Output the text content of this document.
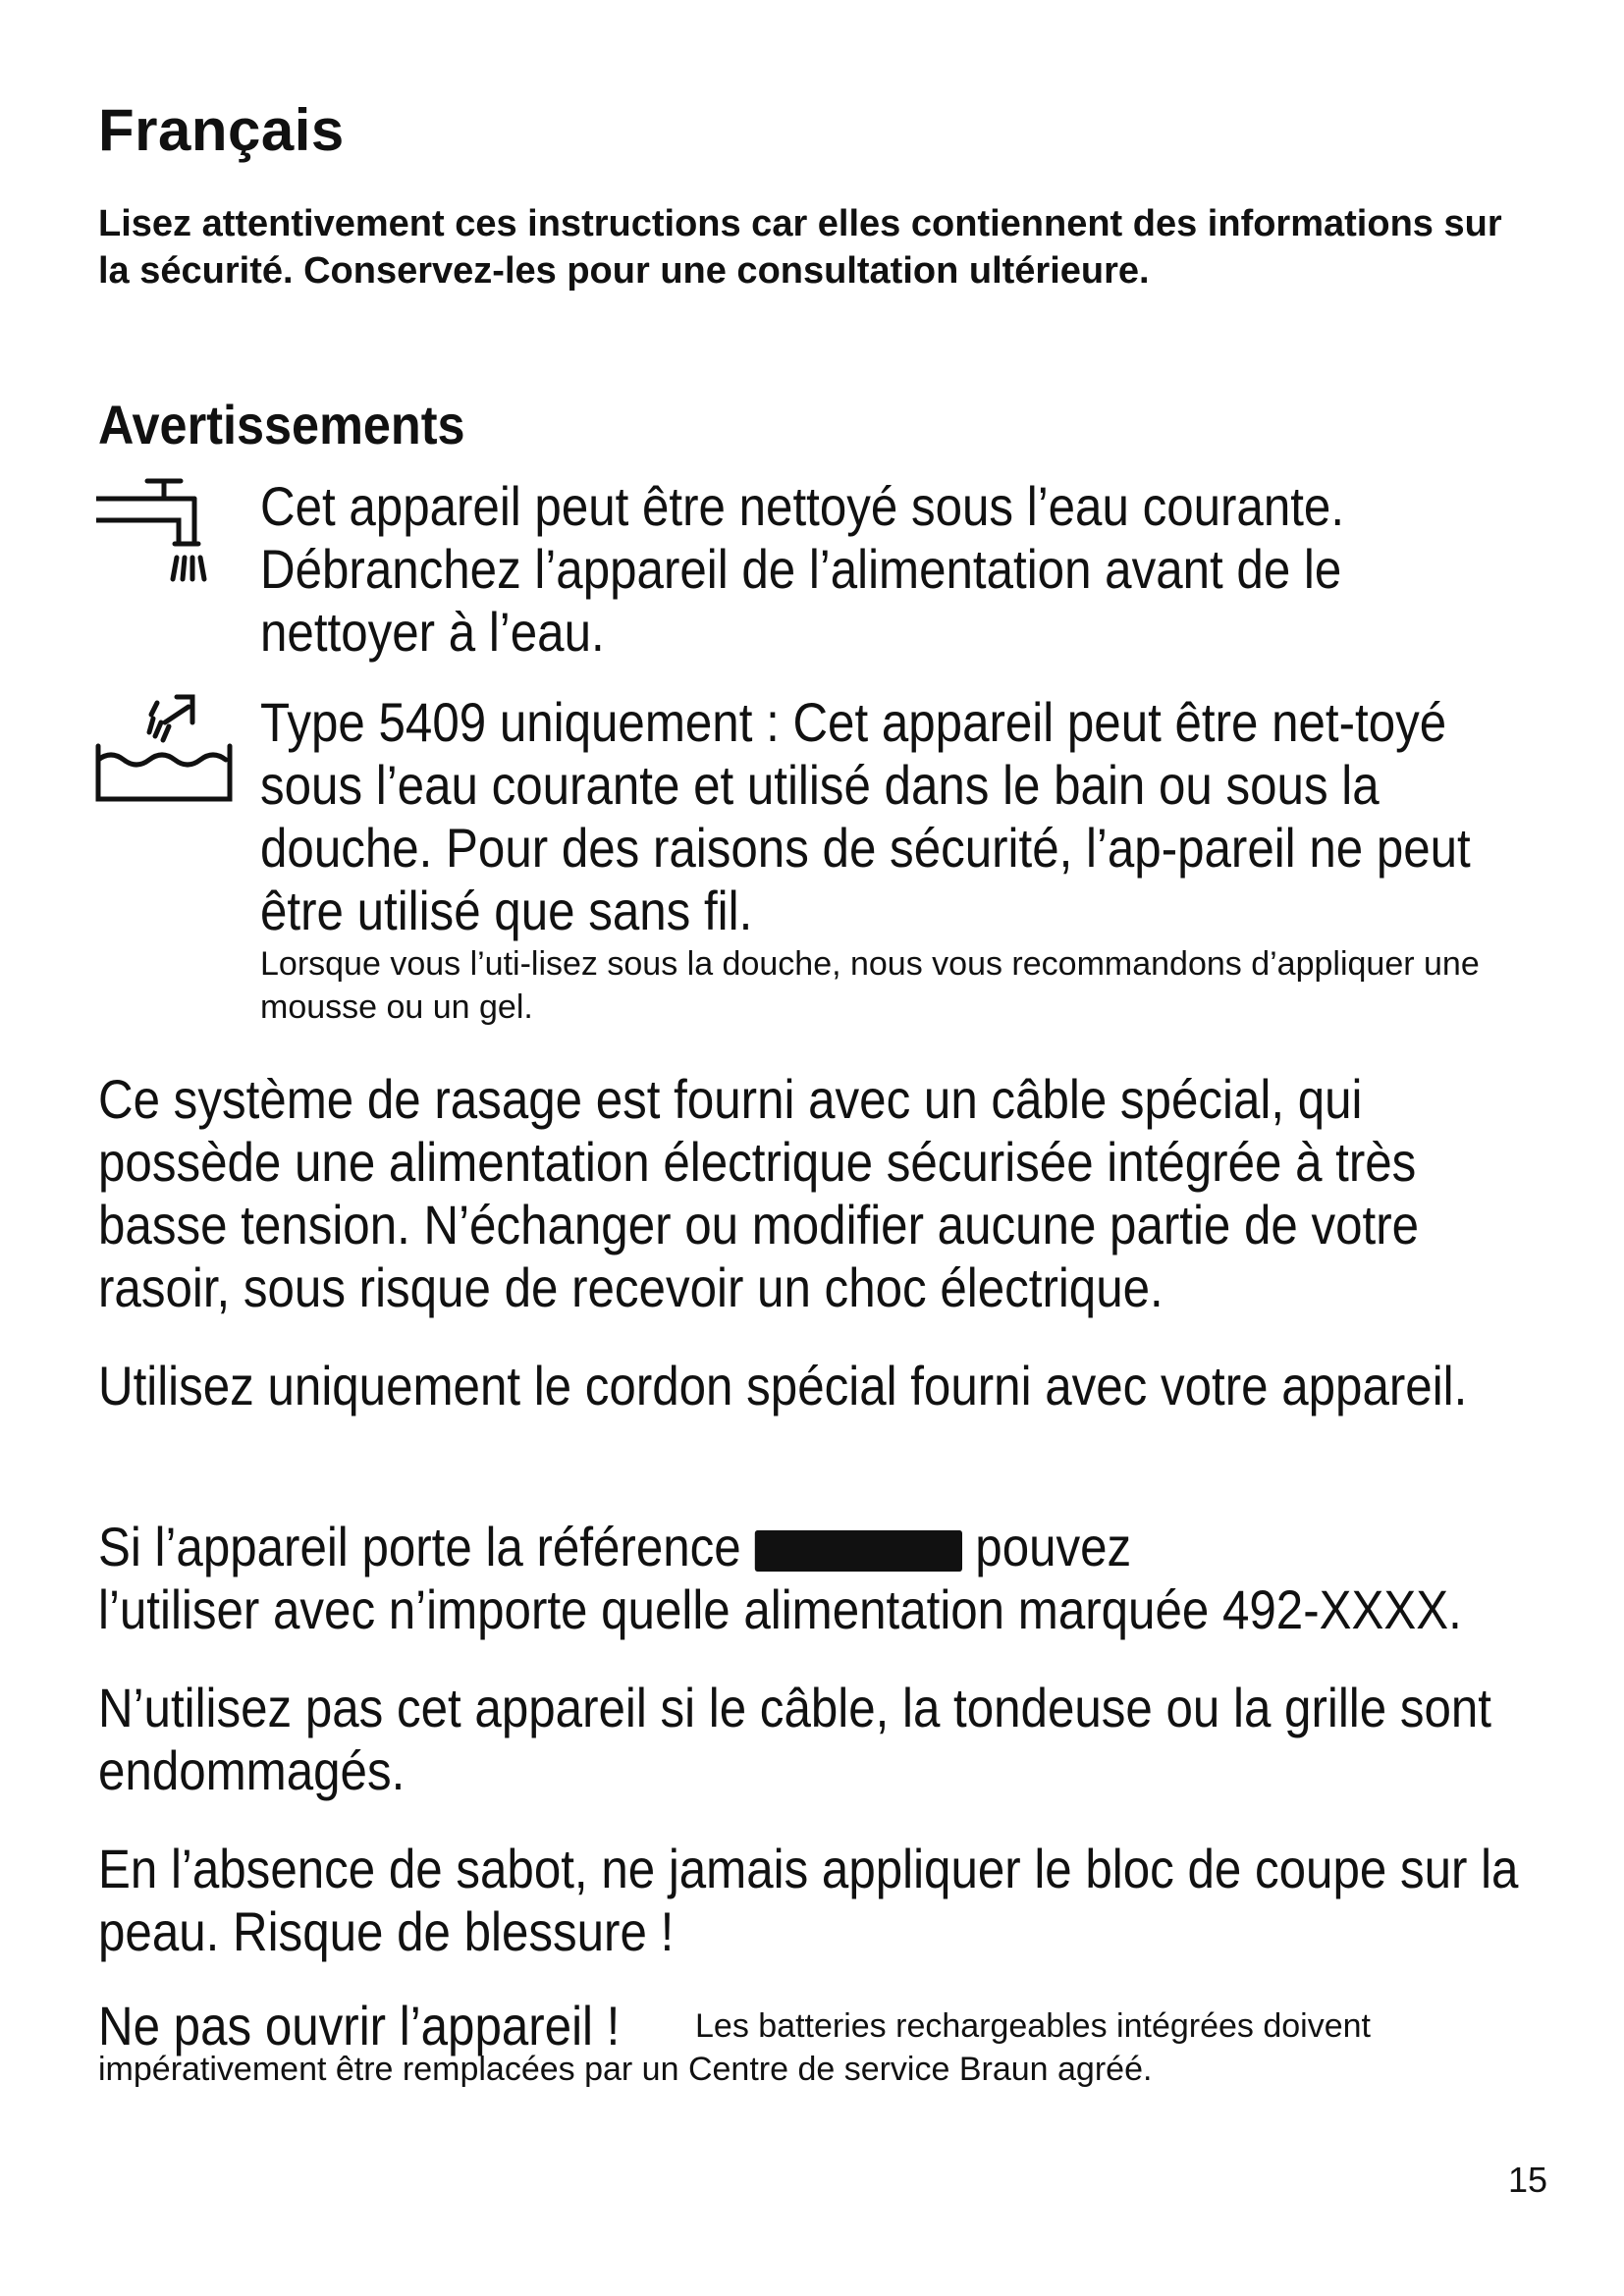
Français

Lisez attentivement ces instructions car elles contiennent des informations sur la sécurité. Conservez-les pour une consultation ultérieure.

Avertissements
Cet appareil peut être nettoyé sous l’eau courante. Débranchez l’appareil de l’alimentation avant de le nettoyer à l’eau.
Type 5409 uniquement : Cet appareil peut être net-toyé sous l’eau courante et utilisé dans le bain ou sous la douche. Pour des raisons de sécurité, l’ap-pareil ne peut être utilisé que sans fil.
Lorsque vous l’uti-lisez sous la douche, nous vous recommandons d’appliquer une mousse ou un gel.
Ce système de rasage est fourni avec un câble spécial, qui possède une alimentation électrique sécurisée intégrée à très basse tension. N’échanger ou modifier aucune partie de votre rasoir, sous risque de recevoir un choc électrique.
Utilisez uniquement le cordon spécial fourni avec votre appareil.
Si l’appareil porte la référence	pouvez
l’utiliser avec n’importe quelle alimentation marquée 492-XXXX.
N’utilisez pas cet appareil si le câble, la tondeuse ou la grille sont endommagés.
En l’absence de sabot, ne jamais appliquer le bloc de coupe sur la peau. Risque de blessure !
Ne pas ouvrir l’appareil !	Les batteries rechargeables intégrées doivent impérativement être remplacées par un Centre de service Braun agréé.
15
